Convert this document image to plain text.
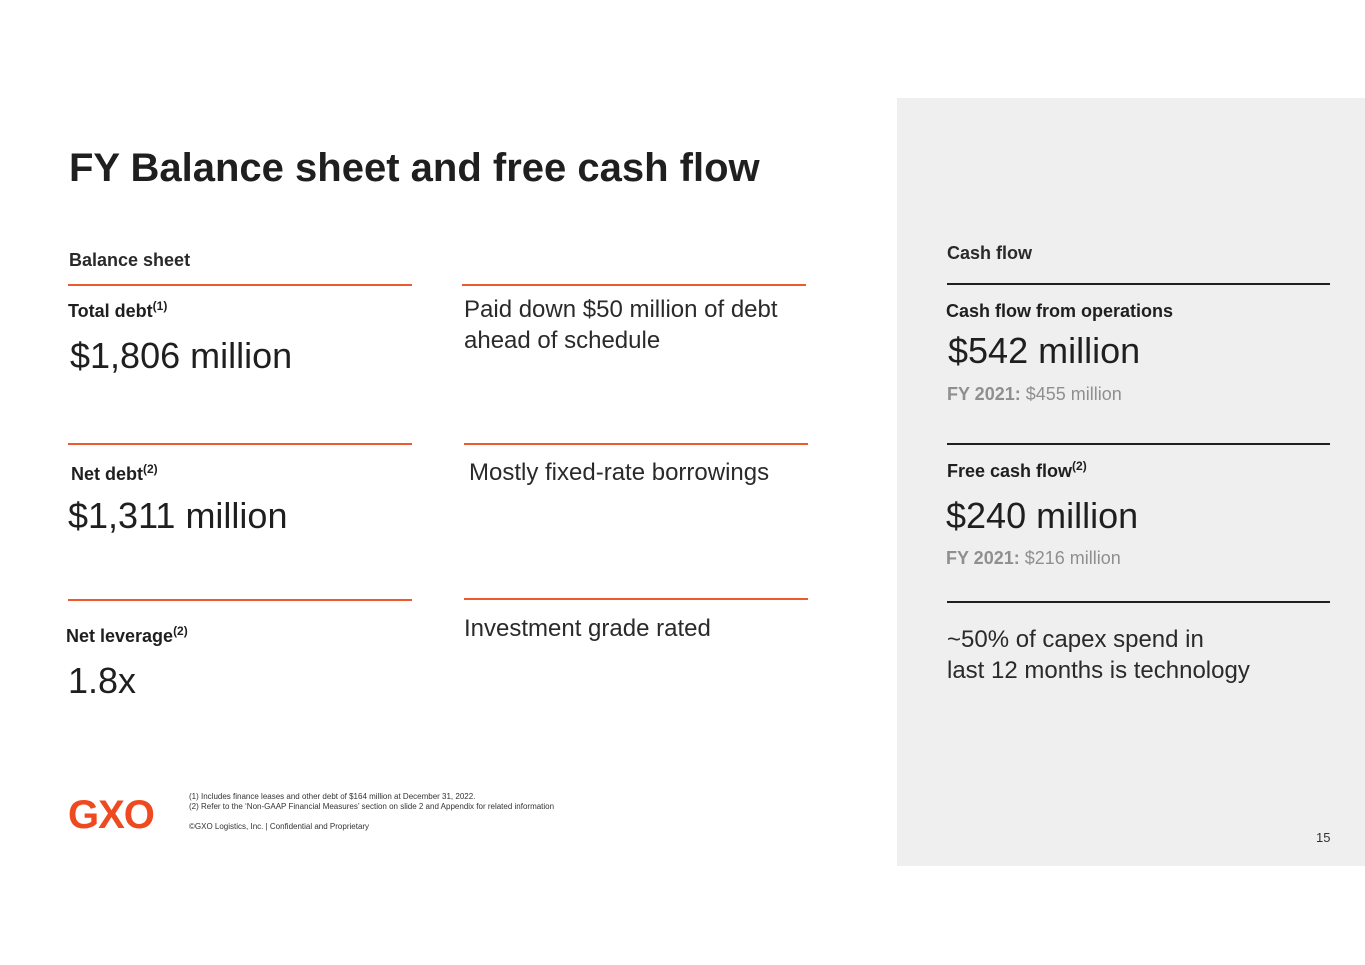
FY Balance sheet and free cash flow
Balance sheet
Total debt$^{(1)}$
$1,806 million
Net debt$^{(2)}$
$1,311 million
Net leverage$^{(2)}$
1.8x
Paid down $50 million of debt ahead of schedule
Mostly fixed-rate borrowings
Investment grade rated
Cash flow
Cash flow from operations
$542 million
FY 2021: $455 million
Free cash flow$^{(2)}$
$240 million
FY 2021: $216 million
~50% of capex spend in
last 12 months is technology
GXO	(1) Includes finance leases and other debt of $164 million at December 31, 2022.
(2) Refer to the ‘Non-GAAP Financial Measures’ section on slide 2 and Appendix for related information
©GXO Logistics, Inc. | Confidential and Proprietary
15
